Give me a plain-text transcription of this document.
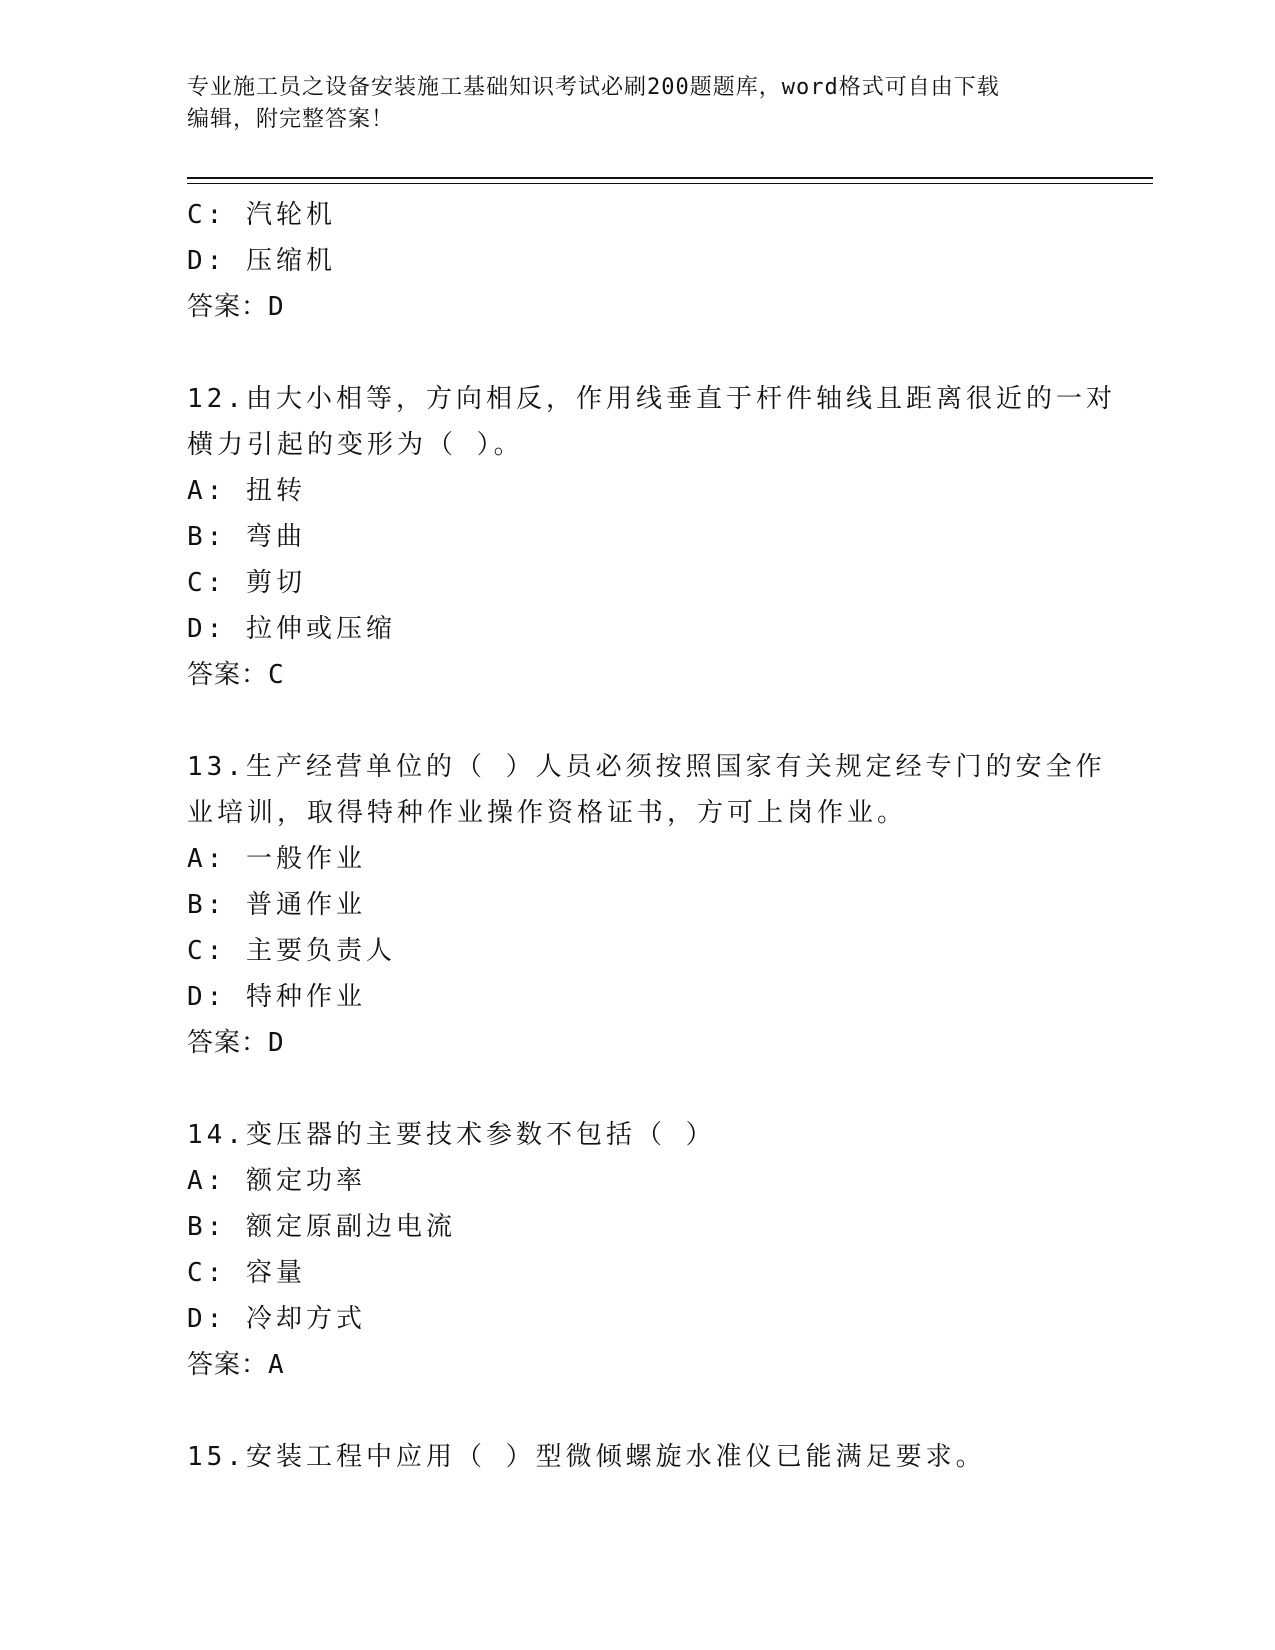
专业施工员之设备安装施工基础知识考试必刷200题题库，word格式可自由下载
编辑，附完整答案！
C: 汽轮机
D: 压缩机
答案：D
12.由大小相等，方向相反，作用线垂直于杆件轴线且距离很近的一对
横力引起的变形为（ ）。
A: 扭转
B: 弯曲
C: 剪切
D: 拉伸或压缩
答案：C
13.生产经营单位的（ ）人员必须按照国家有关规定经专门的安全作
业培训，取得特种作业操作资格证书，方可上岗作业。
A: 一般作业
B: 普通作业
C: 主要负责人
D: 特种作业
答案：D
14.变压器的主要技术参数不包括（ ）
A: 额定功率
B: 额定原副边电流
C: 容量
D: 冷却方式
答案：A
15.安装工程中应用（ ）型微倾螺旋水准仪已能满足要求。
